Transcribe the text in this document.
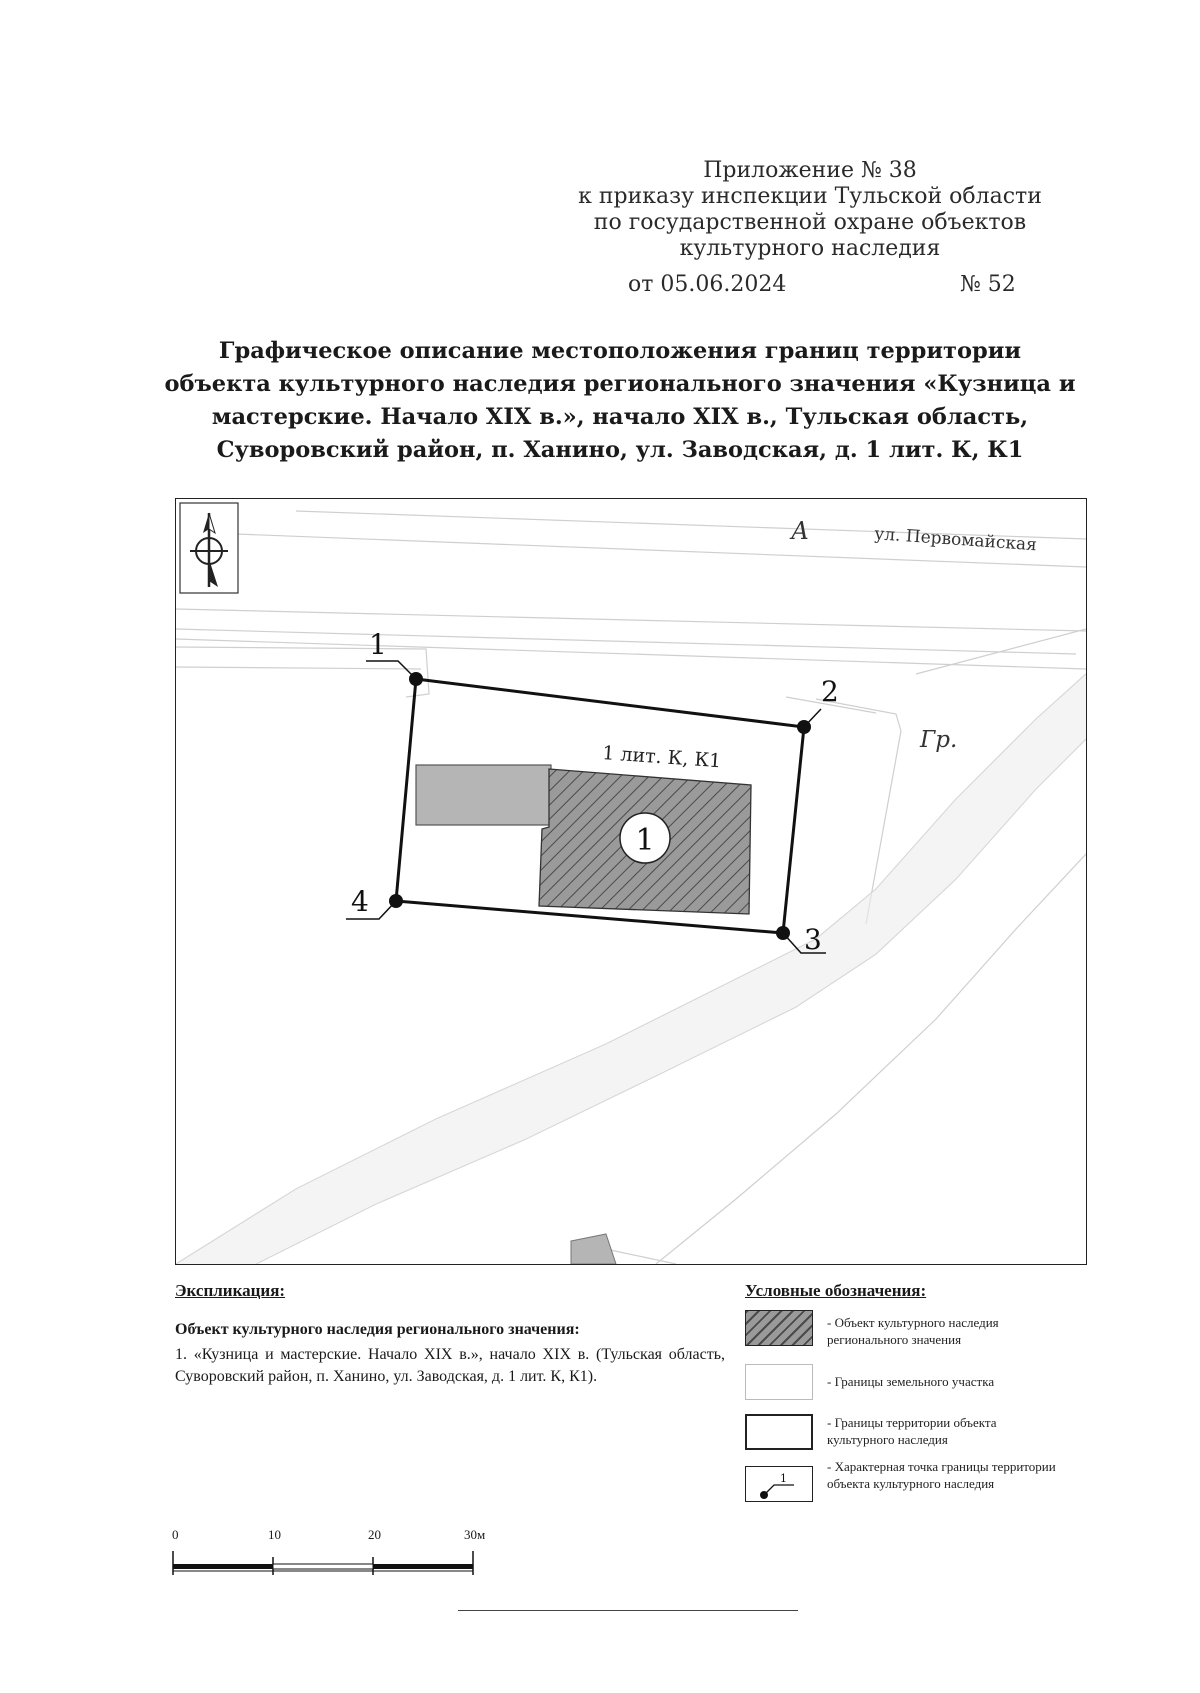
Приложение № 38
к приказу инспекции Тульской области
по государственной охране объектов
культурного наследия
от 05.06.2024	№ 52
Графическое описание местоположения границ территории
объекта культурного наследия регионального значения «Кузница и
мастерские. Начало XIX в.», начало XIX в., Тульская область,
Суворовский район, п. Ханино, ул. Заводская, д. 1 лит. К, К1
1
1 лит. К, К1
А	ул. Первомайская
Гр.
1
2
3
4
Экспликация:
Объект культурного наследия регионального значения:
1. «Кузница и мастерские. Начало XIX в.», начало XIX в. (Тульская область, Суворовский район, п. Ханино, ул. Заводская, д. 1 лит. К, К1).
Условные обозначения:
- Объект культурного наследия регионального значения
- Границы земельного участка
- Границы территории объекта культурного наследия
1
- Характерная точка границы территории объекта культурного наследия
0	10	20	30м
